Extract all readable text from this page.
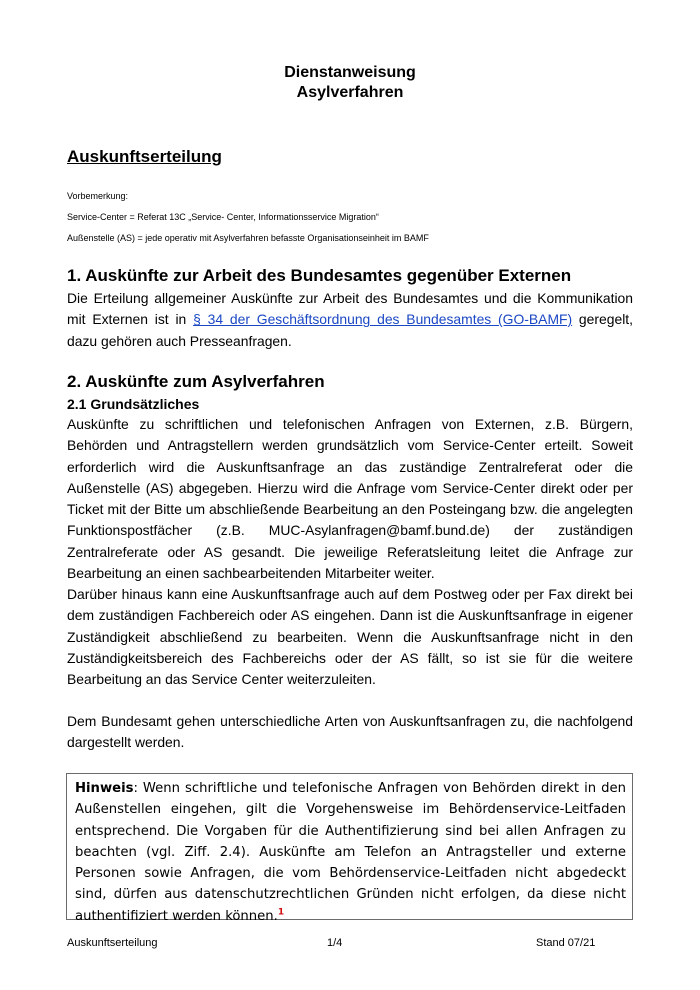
Dienstanweisung
Asylverfahren
Auskunftserteilung
Vorbemerkung:
Service-Center = Referat 13C „Service- Center, Informationsservice Migration“
Außenstelle (AS) = jede operativ mit Asylverfahren befasste Organisationseinheit im BAMF
1. Auskünfte zur Arbeit des Bundesamtes gegenüber Externen
Die Erteilung allgemeiner Auskünfte zur Arbeit des Bundesamtes und die Kommunikation mit Externen ist in § 34 der Geschäftsordnung des Bundesamtes (GO-BAMF) geregelt, dazu gehören auch Presseanfragen.
2. Auskünfte zum Asylverfahren
2.1 Grundsätzliches
Auskünfte zu schriftlichen und telefonischen Anfragen von Externen, z.B. Bürgern, Behörden und Antragstellern werden grundsätzlich vom Service-Center erteilt. Soweit erforderlich wird die Auskunftsanfrage an das zuständige Zentralreferat oder die Außenstelle (AS) abgegeben. Hierzu wird die Anfrage vom Service-Center direkt oder per Ticket mit der Bitte um abschließende Bearbeitung an den Posteingang bzw. die angelegten Funktionspostfächer (z.B. MUC-Asylanfragen@bamf.bund.de) der zuständigen Zentralreferate oder AS gesandt. Die jeweilige Referatsleitung leitet die Anfrage zur Bearbeitung an einen sachbearbeitenden Mitarbeiter weiter.
Darüber hinaus kann eine Auskunftsanfrage auch auf dem Postweg oder per Fax direkt bei dem zuständigen Fachbereich oder AS eingehen. Dann ist die Auskunftsanfrage in eigener Zuständigkeit abschließend zu bearbeiten. Wenn die Auskunftsanfrage nicht in den Zuständigkeitsbereich des Fachbereichs oder der AS fällt, so ist sie für die weitere Bearbeitung an das Service Center weiterzuleiten.
Dem Bundesamt gehen unterschiedliche Arten von Auskunftsanfragen zu, die nachfolgend dargestellt werden.
Hinweis: Wenn schriftliche und telefonische Anfragen von Behörden direkt in den Außenstellen eingehen, gilt die Vorgehensweise im Behördenservice-Leitfaden entsprechend. Die Vorgaben für die Authentifizierung sind bei allen Anfragen zu beachten (vgl. Ziff. 2.4). Auskünfte am Telefon an Antragsteller und externe Personen sowie Anfragen, die vom Behördenservice-Leitfaden nicht abgedeckt sind, dürfen aus datenschutzrechtlichen Gründen nicht erfolgen, da diese nicht authentifiziert werden können.$^1$
Auskunftserteilung	1/4	Stand 07/21
